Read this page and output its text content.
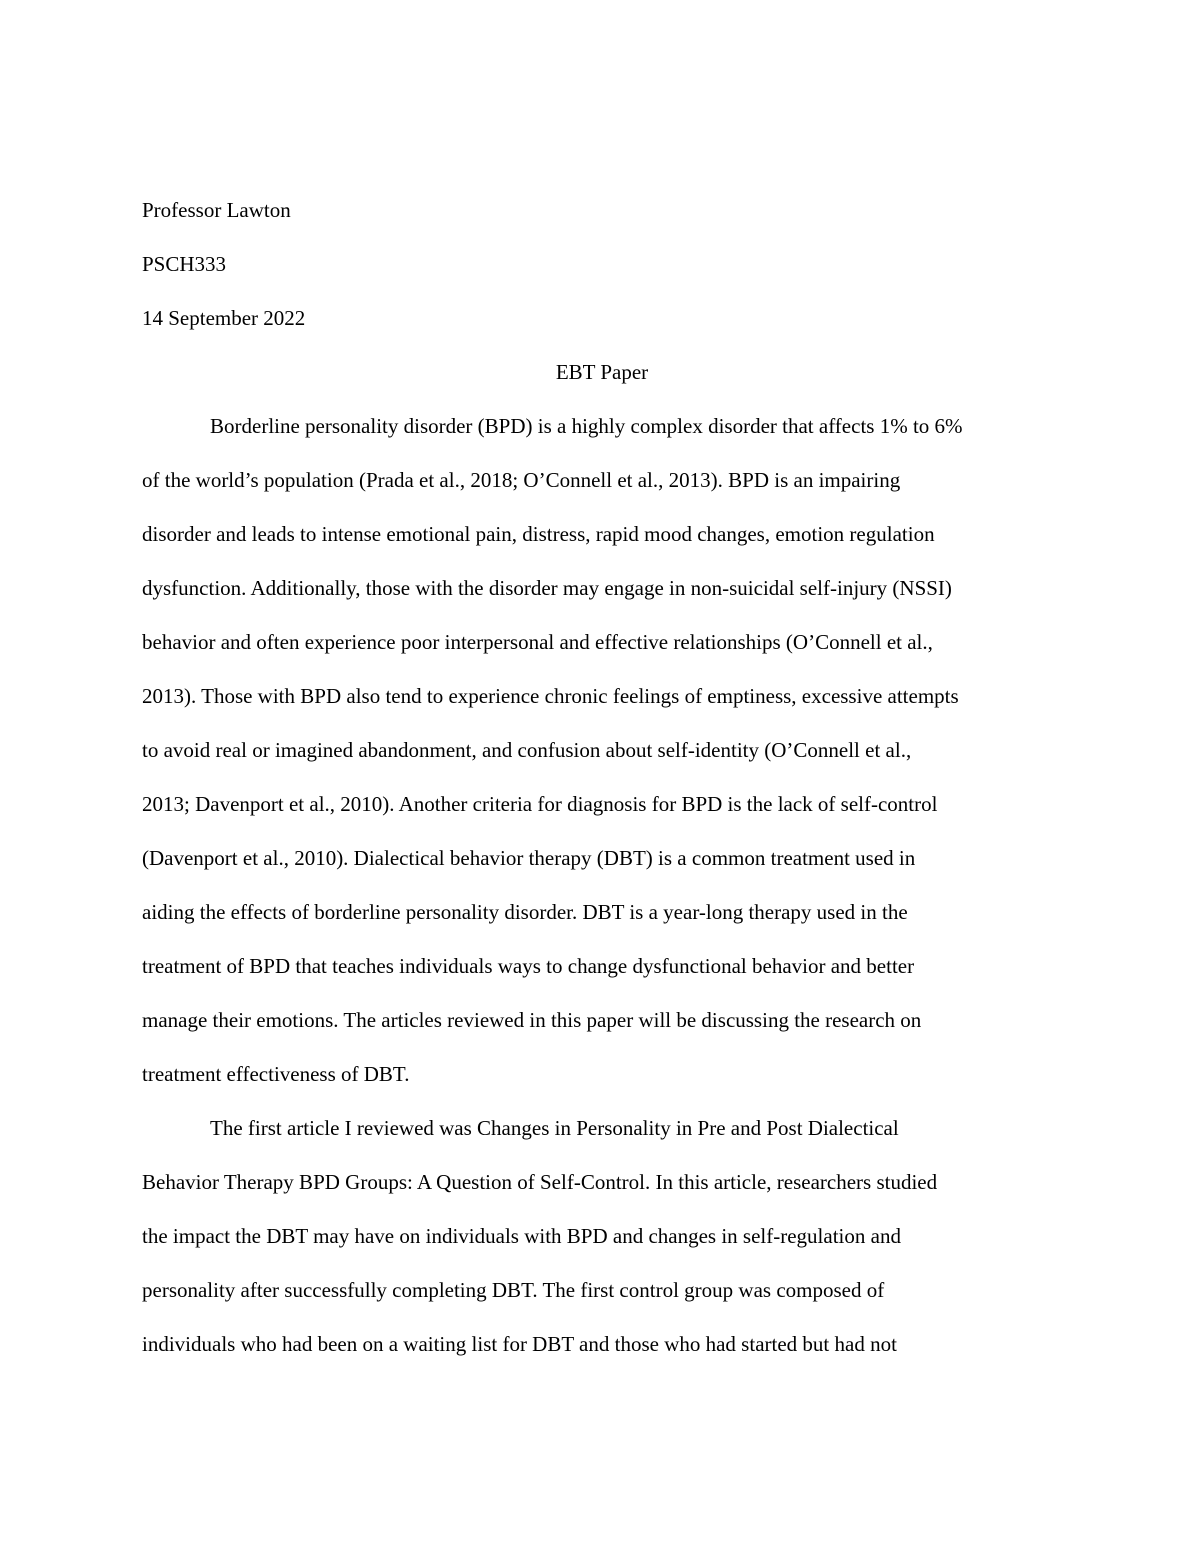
Professor Lawton
PSCH333
14 September 2022
EBT Paper
Borderline personality disorder (BPD) is a highly complex disorder that affects 1% to 6%
of the world’s population (Prada et al., 2018; O’Connell et al., 2013). BPD is an impairing
disorder and leads to intense emotional pain, distress, rapid mood changes, emotion regulation
dysfunction. Additionally, those with the disorder may engage in non-suicidal self-injury (NSSI)
behavior and often experience poor interpersonal and effective relationships (O’Connell et al.,
2013). Those with BPD also tend to experience chronic feelings of emptiness, excessive attempts
to avoid real or imagined abandonment, and confusion about self-identity (O’Connell et al.,
2013; Davenport et al., 2010). Another criteria for diagnosis for BPD is the lack of self-control
(Davenport et al., 2010). Dialectical behavior therapy (DBT) is a common treatment used in
aiding the effects of borderline personality disorder. DBT is a year-long therapy used in the
treatment of BPD that teaches individuals ways to change dysfunctional behavior and better
manage their emotions. The articles reviewed in this paper will be discussing the research on
treatment effectiveness of DBT.
The first article I reviewed was Changes in Personality in Pre and Post Dialectical
Behavior Therapy BPD Groups: A Question of Self-Control. In this article, researchers studied
the impact the DBT may have on individuals with BPD and changes in self-regulation and
personality after successfully completing DBT. The first control group was composed of
individuals who had been on a waiting list for DBT and those who had started but had not
